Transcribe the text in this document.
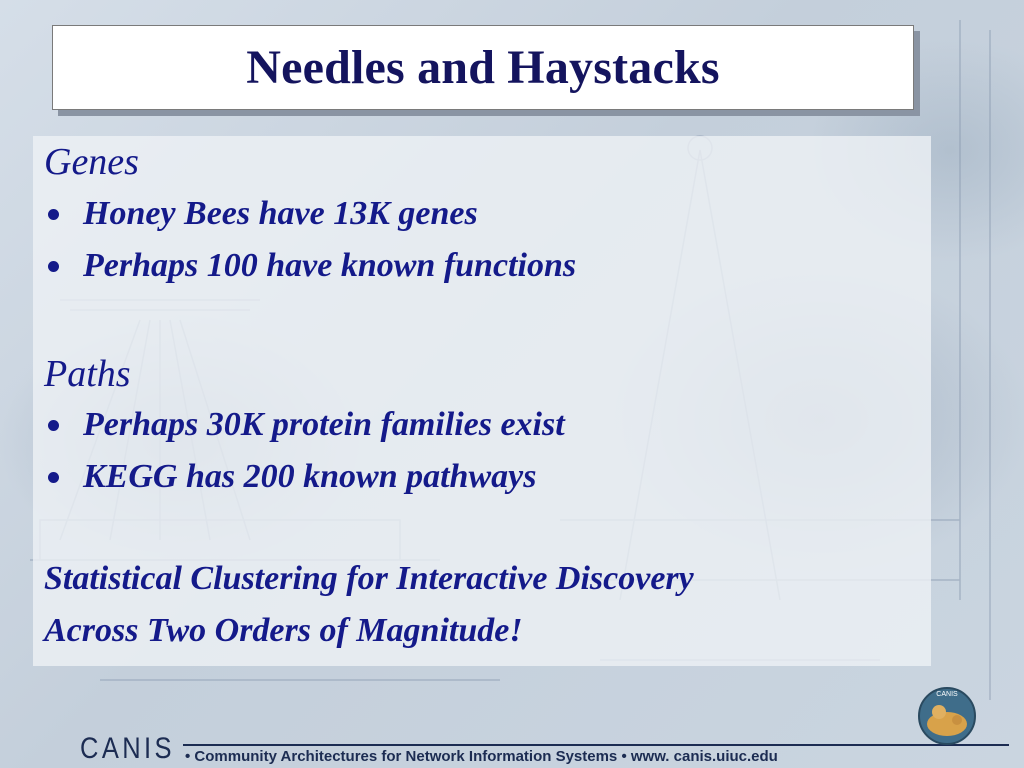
Needles and Haystacks
Genes
Honey Bees have 13K genes
Perhaps 100 have known functions
Paths
Perhaps 30K protein families exist
KEGG has 200 known pathways
Statistical Clustering for Interactive Discovery
Across Two Orders of Magnitude!
CANIS • Community Architectures for Network Information Systems • www. canis.uiuc.edu
CANIS
